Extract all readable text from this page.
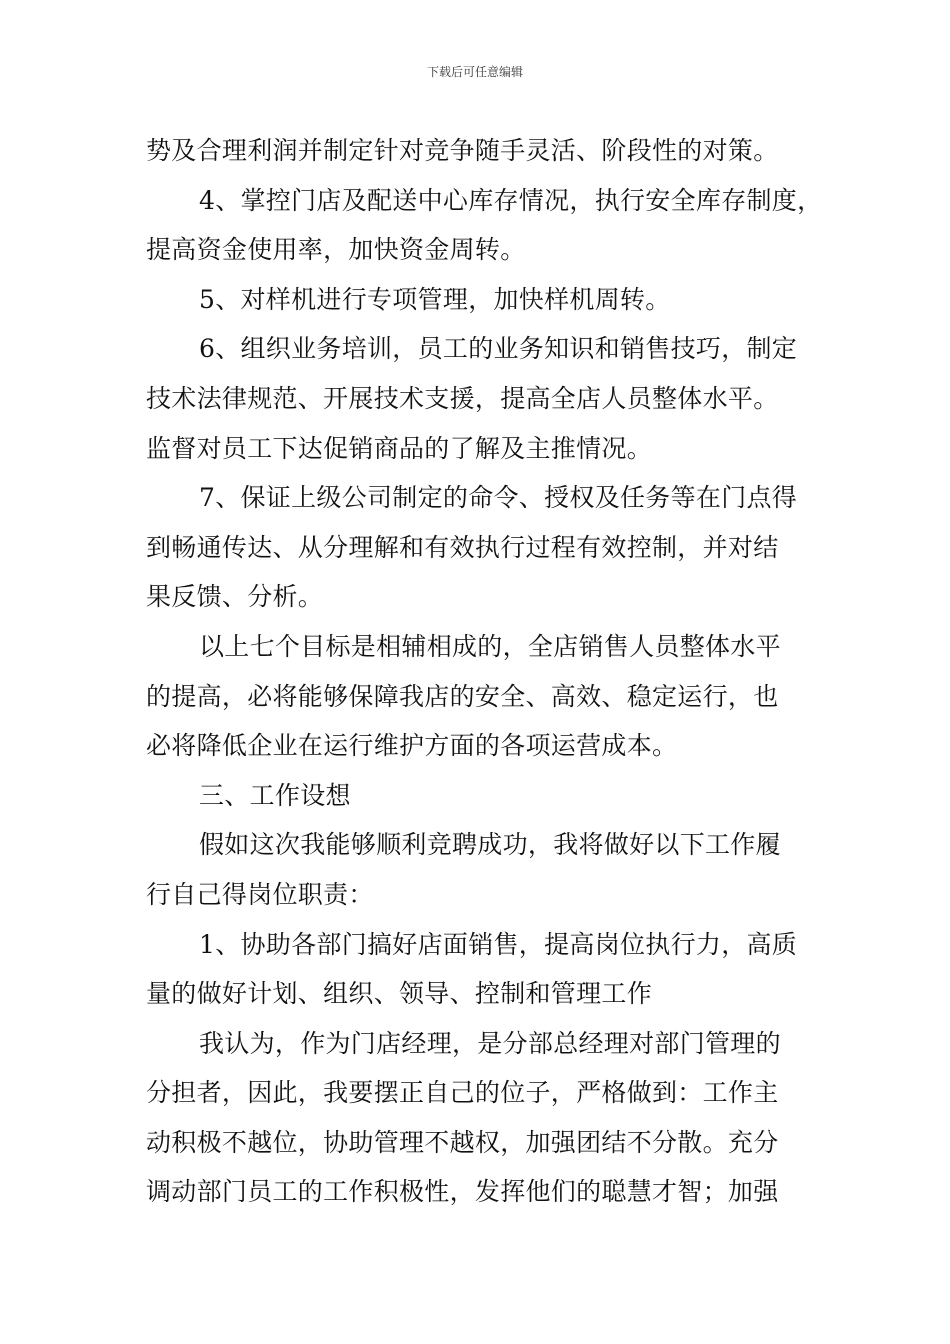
下载后可任意编辑
势及合理利润并制定针对竞争随手灵活、阶段性的对策。
4、掌控门店及配送中心库存情况，执行安全库存制度，
提高资金使用率，加快资金周转。
5、对样机进行专项管理，加快样机周转。
6、组织业务培训，员工的业务知识和销售技巧，制定
技术法律规范、开展技术支援，提高全店人员整体水平。
监督对员工下达促销商品的了解及主推情况。
7、保证上级公司制定的命令、授权及任务等在门点得
到畅通传达、从分理解和有效执行过程有效控制，并对结
果反馈、分析。
以上七个目标是相辅相成的，全店销售人员整体水平
的提高，必将能够保障我店的安全、高效、稳定运行，也
必将降低企业在运行维护方面的各项运营成本。
三、工作设想
假如这次我能够顺利竞聘成功，我将做好以下工作履
行自己得岗位职责：
1、协助各部门搞好店面销售，提高岗位执行力，高质
量的做好计划、组织、领导、控制和管理工作
我认为，作为门店经理，是分部总经理对部门管理的
分担者，因此，我要摆正自己的位子，严格做到：工作主
动积极不越位，协助管理不越权，加强团结不分散。充分
调动部门员工的工作积极性，发挥他们的聪慧才智；加强
